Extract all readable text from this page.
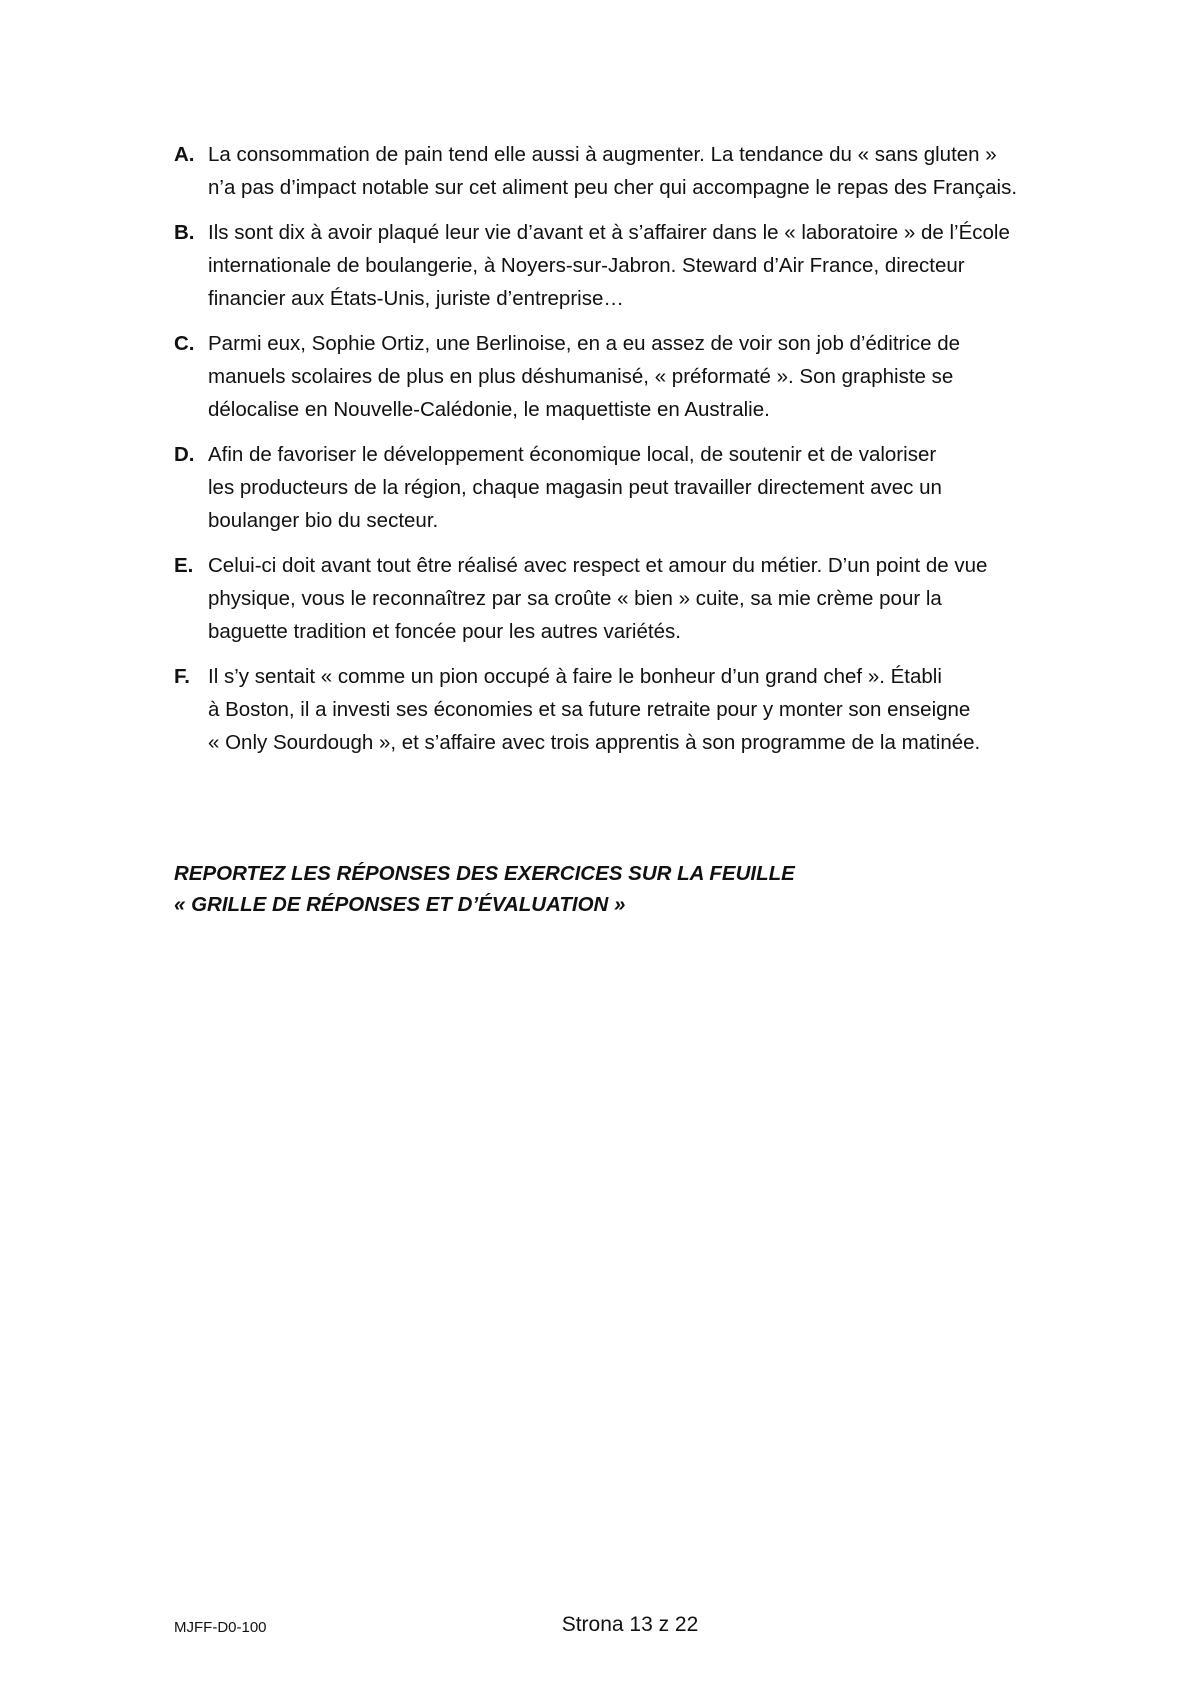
A. La consommation de pain tend elle aussi à augmenter. La tendance du « sans gluten »
n’a pas d’impact notable sur cet aliment peu cher qui accompagne le repas des Français.
B. Ils sont dix à avoir plaqué leur vie d’avant et à s’affairer dans le « laboratoire » de l’École
internationale de boulangerie, à Noyers-sur-Jabron. Steward d’Air France, directeur
financier aux États-Unis, juriste d’entreprise…
C. Parmi eux, Sophie Ortiz, une Berlinoise, en a eu assez de voir son job d’éditrice de
manuels scolaires de plus en plus déshumanisé, « préformaté ». Son graphiste se
délocalise en Nouvelle-Calédonie, le maquettiste en Australie.
D. Afin de favoriser le développement économique local, de soutenir et de valoriser
les producteurs de la région, chaque magasin peut travailler directement avec un
boulanger bio du secteur.
E. Celui-ci doit avant tout être réalisé avec respect et amour du métier. D’un point de vue
physique, vous le reconnaîtrez par sa croûte « bien » cuite, sa mie crème pour la
baguette tradition et foncée pour les autres variétés.
F. Il s’y sentait « comme un pion occupé à faire le bonheur d’un grand chef ». Établi
à Boston, il a investi ses économies et sa future retraite pour y monter son enseigne
« Only Sourdough », et s’affaire avec trois apprentis à son programme de la matinée.
REPORTEZ LES RÉPONSES DES EXERCICES SUR LA FEUILLE
« GRILLE DE RÉPONSES ET D’ÉVALUATION »
MJFF-D0-100	Strona 13 z 22
